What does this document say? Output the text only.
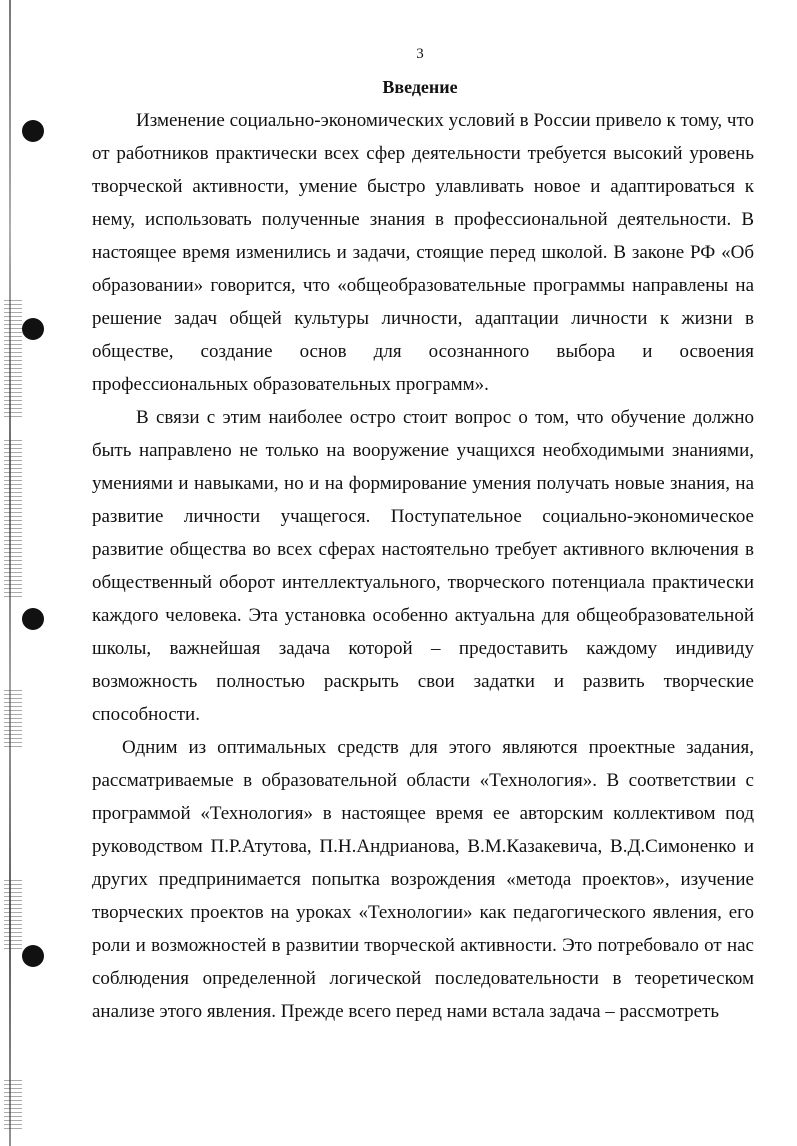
3
Введение

Изменение социально-экономических условий в России привело к тому, что от работников практически всех сфер деятельности требуется высокий уровень творческой активности, умение быстро улавливать новое и адаптироваться к нему, использовать полученные знания в профессиональной деятельности. В настоящее время изменились и задачи, стоящие перед школой. В законе РФ «Об образовании» говорится, что «общеобразовательные программы направлены на решение задач общей культуры личности, адаптации личности к жизни в обществе, создание основ для осознанного выбора и освоения профессиональных образовательных программ».

В связи с этим наиболее остро стоит вопрос о том, что обучение должно быть направлено не только на вооружение учащихся необходимыми знаниями, умениями и навыками, но и на формирование умения получать новые знания, на развитие личности учащегося. Поступательное социально-экономическое развитие общества во всех сферах настоятельно требует активного включения в общественный оборот интеллектуального, творческого потенциала практически каждого человека. Эта установка особенно актуальна для общеобразовательной школы, важнейшая задача которой – предоставить каждому индивиду возможность полностью раскрыть свои задатки и развить творческие способности.

Одним из оптимальных средств для этого являются проектные задания, рассматриваемые в образовательной области «Технология». В соответствии с программой «Технология» в настоящее время ее авторским коллективом под руководством П.Р.Атутова, П.Н.Андрианова, В.М.Казакевича, В.Д.Симоненко и других предпринимается попытка возрождения «метода проектов», изучение творческих проектов на уроках «Технологии» как педагогического явления, его роли и возможностей в развитии творческой активности. Это потребовало от нас соблюдения определенной логической последовательности в теоретическом анализе этого явления. Прежде всего перед нами встала задача – рассмотреть
